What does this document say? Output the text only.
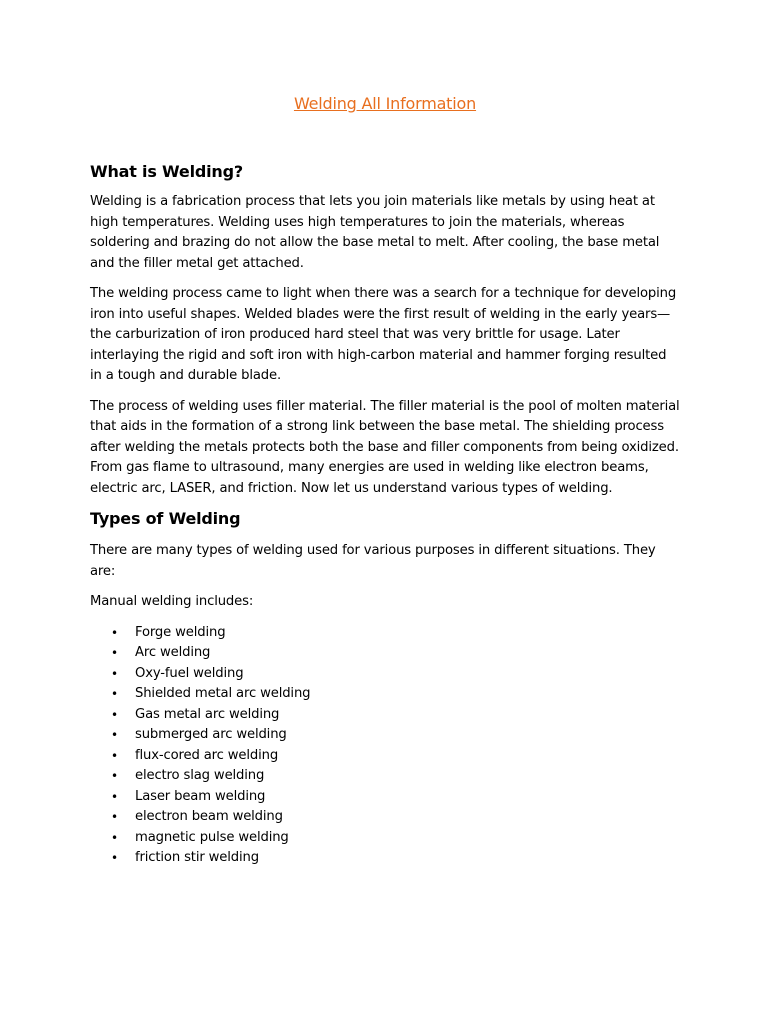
Welding All Information
What is Welding?

Welding is a fabrication process that lets you join materials like metals by using heat at high temperatures. Welding uses high temperatures to join the materials, whereas soldering and brazing do not allow the base metal to melt. After cooling, the base metal and the filler metal get attached.

The welding process came to light when there was a search for a technique for developing iron into useful shapes. Welded blades were the first result of welding in the early years—the carburization of iron produced hard steel that was very brittle for usage. Later interlaying the rigid and soft iron with high-carbon material and hammer forging resulted in a tough and durable blade.

The process of welding uses filler material. The filler material is the pool of molten material that aids in the formation of a strong link between the base metal. The shielding process after welding the metals protects both the base and filler components from being oxidized. From gas flame to ultrasound, many energies are used in welding like electron beams, electric arc, LASER, and friction. Now let us understand various types of welding.

Types of Welding

There are many types of welding used for various purposes in different situations. They are:

Manual welding includes:

• Forge welding
• Arc welding
• Oxy-fuel welding
• Shielded metal arc welding
• Gas metal arc welding
• submerged arc welding
• flux-cored arc welding
• electro slag welding
• Laser beam welding
• electron beam welding
• magnetic pulse welding
• friction stir welding
